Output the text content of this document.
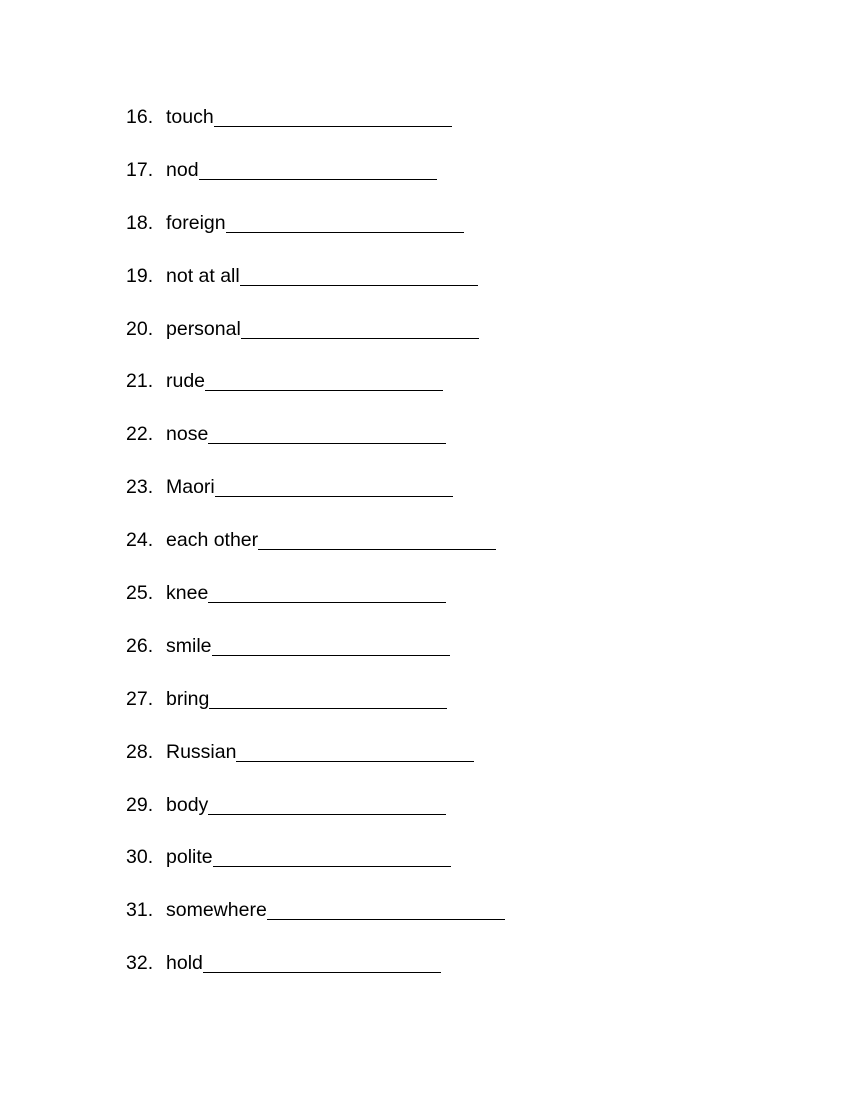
16. touch
17. nod
18. foreign
19. not at all
20. personal
21. rude
22. nose
23. Maori
24. each other
25. knee
26. smile
27. bring
28. Russian
29. body
30. polite
31. somewhere
32. hold
